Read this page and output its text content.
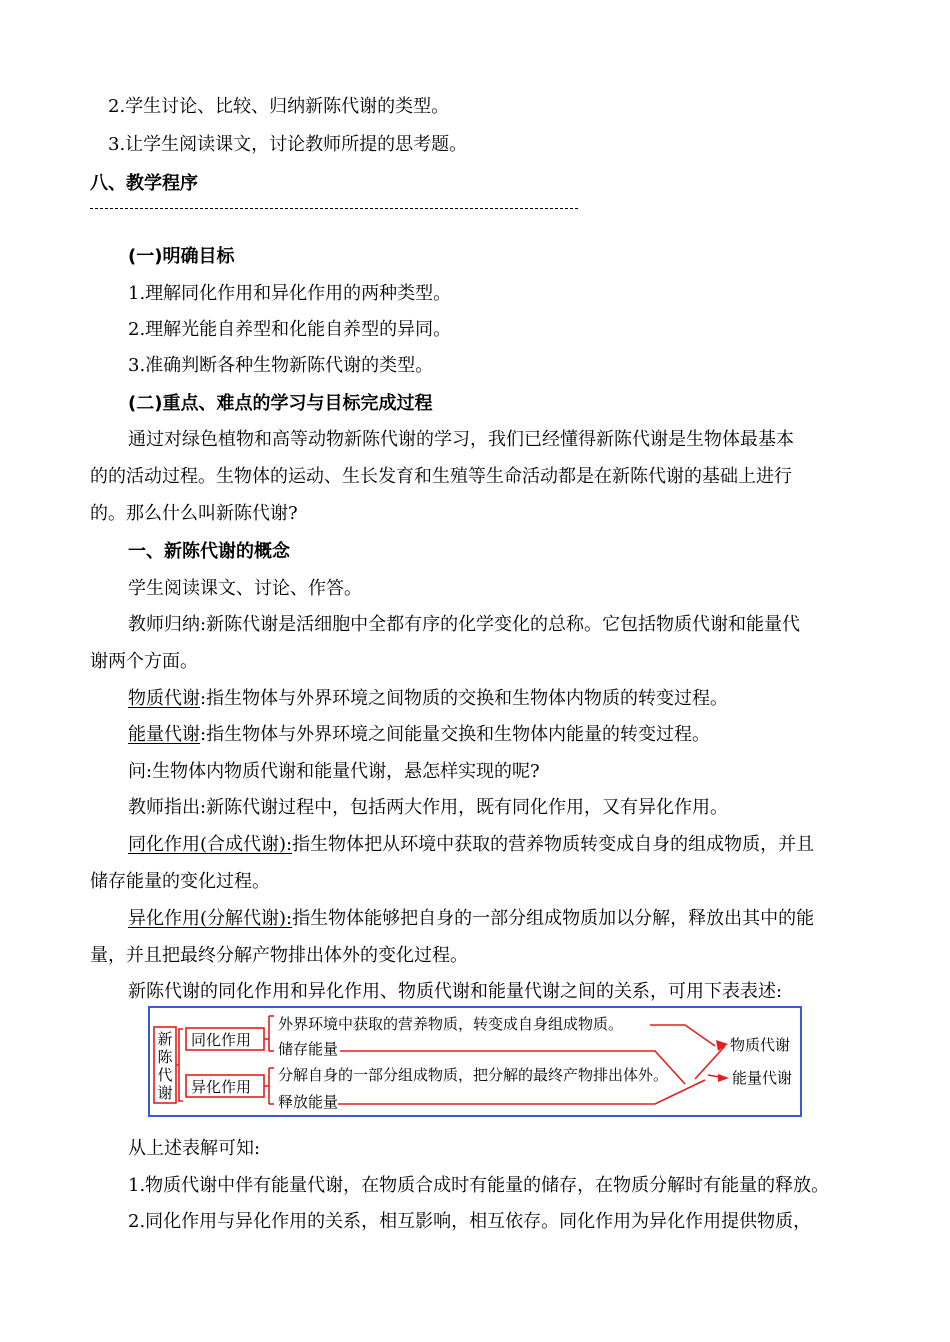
2.学生讨论、比较、归纳新陈代谢的类型。
3.让学生阅读课文，讨论教师所提的思考题。
八、教学程序
(一)明确目标
1.理解同化作用和异化作用的两种类型。
2.理解光能自养型和化能自养型的异同。
3.准确判断各种生物新陈代谢的类型。
(二)重点、难点的学习与目标完成过程
通过对绿色植物和高等动物新陈代谢的学习，我们已经懂得新陈代谢是生物体最基本
的的活动过程。生物体的运动、生长发育和生殖等生命活动都是在新陈代谢的基础上进行
的。那么什么叫新陈代谢?
一、新陈代谢的概念
学生阅读课文、讨论、作答。
教师归纳:新陈代谢是活细胞中全都有序的化学变化的总称。它包括物质代谢和能量代
谢两个方面。
物质代谢:指生物体与外界环境之间物质的交换和生物体内物质的转变过程。
能量代谢:指生物体与外界环境之间能量交换和生物体内能量的转变过程。
问:生物体内物质代谢和能量代谢，悬怎样实现的呢?
教师指出:新陈代谢过程中，包括两大作用，既有同化作用，又有异化作用。
同化作用(合成代谢):指生物体把从环境中获取的营养物质转变成自身的组成物质，并且
储存能量的变化过程。
异化作用(分解代谢):指生物体能够把自身的一部分组成物质加以分解，释放出其中的能
量，并且把最终分解产物排出体外的变化过程。
新陈代谢的同化作用和异化作用、物质代谢和能量代谢之间的关系，可用下表表述:
新
陈
代
谢
同化作用
异化作用
外界环境中获取的营养物质，转变成自身组成物质。
储存能量
分解自身的一部分组成物质，把分解的最终产物排出体外。
释放能量
物质代谢
能量代谢
从上述表解可知:
1.物质代谢中伴有能量代谢，在物质合成时有能量的储存，在物质分解时有能量的释放。
2.同化作用与异化作用的关系，相互影响，相互依存。同化作用为异化作用提供物质，
